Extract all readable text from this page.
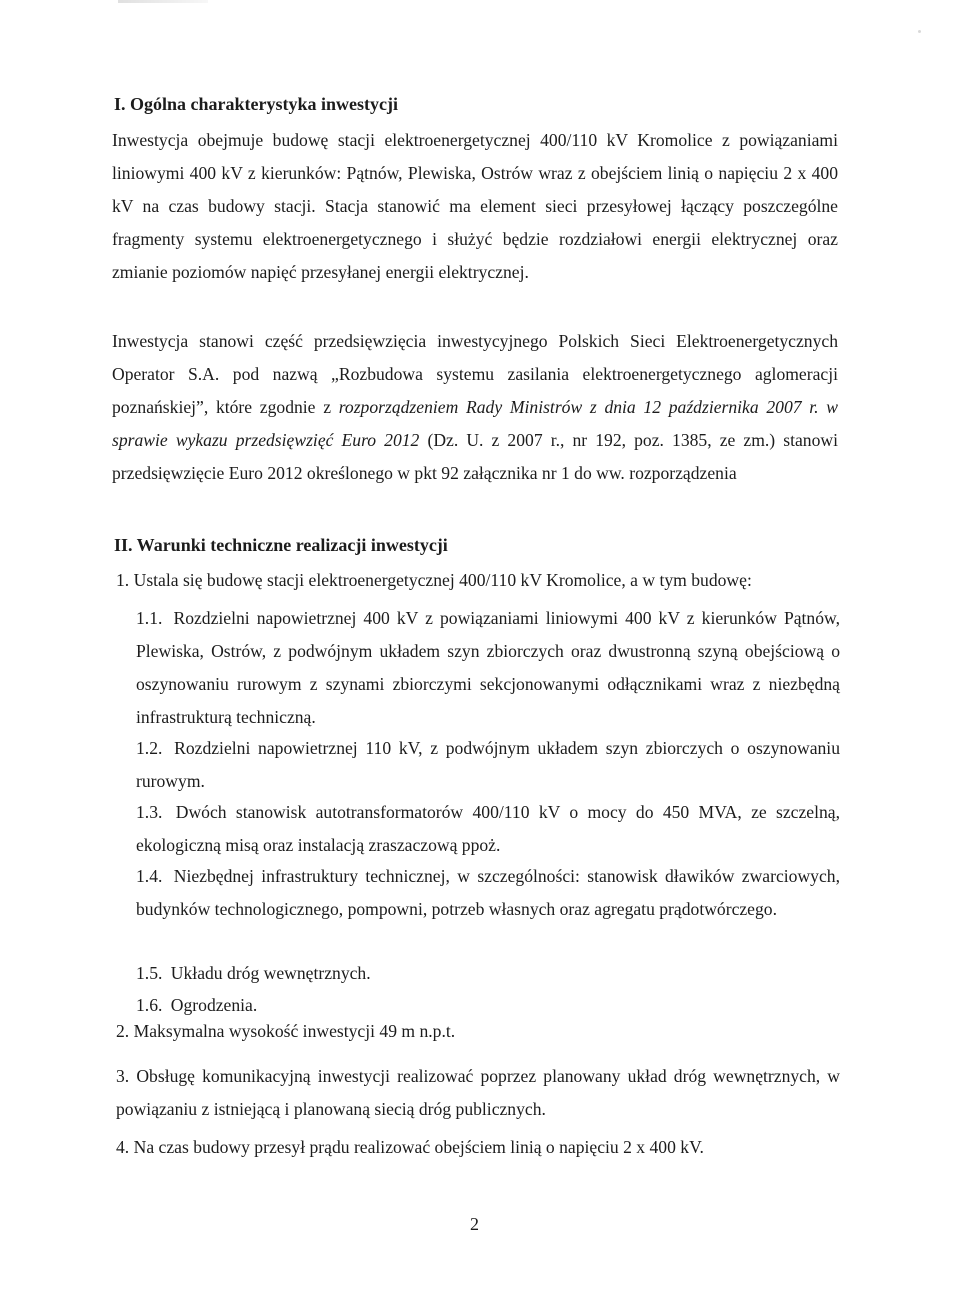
I. Ogólna charakterystyka inwestycji
Inwestycja obejmuje budowę stacji elektroenergetycznej 400/110 kV Kromolice z powiązaniami liniowymi 400 kV z kierunków: Pątnów, Plewiska, Ostrów wraz z obejściem linią o napięciu 2 x 400 kV na czas budowy stacji. Stacja stanowić ma element sieci przesyłowej łączący poszczególne fragmenty systemu elektroenergetycznego i służyć będzie rozdziałowi energii elektrycznej oraz zmianie poziomów napięć przesyłanej energii elektrycznej.
Inwestycja stanowi część przedsięwzięcia inwestycyjnego Polskich Sieci Elektroenergetycznych Operator S.A. pod nazwą „Rozbudowa systemu zasilania elektroenergetycznego aglomeracji poznańskiej”, które zgodnie z rozporządzeniem Rady Ministrów z dnia 12 października 2007 r. w sprawie wykazu przedsięwzięć Euro 2012 (Dz. U. z 2007 r., nr 192, poz. 1385, ze zm.) stanowi przedsięwzięcie Euro 2012 określonego w pkt 92 załącznika nr 1 do ww. rozporządzenia
II. Warunki techniczne realizacji inwestycji
1. Ustala się budowę stacji elektroenergetycznej 400/110 kV Kromolice, a w tym budowę:
1.1. Rozdzielni napowietrznej 400 kV z powiązaniami liniowymi 400 kV z kierunków Pątnów, Plewiska, Ostrów, z podwójnym układem szyn zbiorczych oraz dwustronną szyną obejściową o oszynowaniu rurowym z szynami zbiorczymi sekcjonowanymi odłącznikami wraz z niezbędną infrastrukturą techniczną.
1.2. Rozdzielni napowietrznej 110 kV, z podwójnym układem szyn zbiorczych o oszynowaniu rurowym.
1.3. Dwóch stanowisk autotransformatorów 400/110 kV o mocy do 450 MVA, ze szczelną, ekologiczną misą oraz instalacją zraszaczową ppoż.
1.4. Niezbędnej infrastruktury technicznej, w szczególności: stanowisk dławików zwarciowych, budynków technologicznego, pompowni, potrzeb własnych oraz agregatu prądotwórczego.
1.5. Układu dróg wewnętrznych.
1.6. Ogrodzenia.
2. Maksymalna wysokość inwestycji 49 m n.p.t.
3. Obsługę komunikacyjną inwestycji realizować poprzez planowany układ dróg wewnętrznych, w powiązaniu z istniejącą i planowaną siecią dróg publicznych.
4. Na czas budowy przesył prądu realizować obejściem linią o napięciu 2 x 400 kV.
2
